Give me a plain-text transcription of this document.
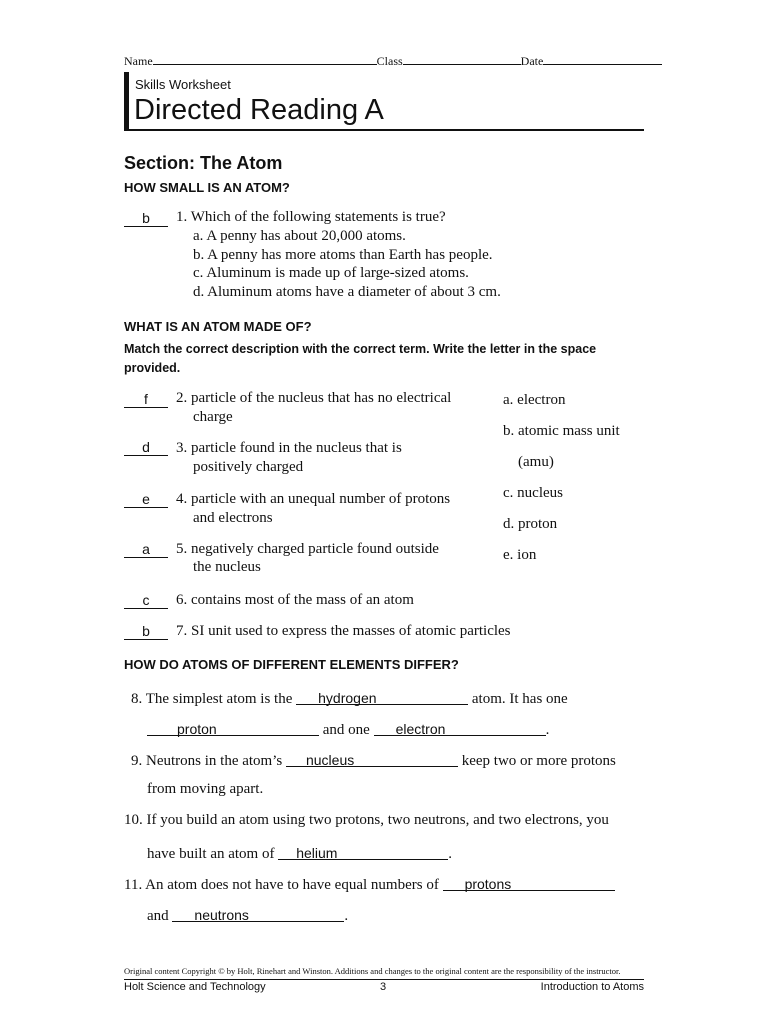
Name	Class	Date
Skills Worksheet
Directed Reading A
Section: The Atom
HOW SMALL IS AN ATOM?
b	1. Which of the following statements is true?
a. A penny has about 20,000 atoms.
b. A penny has more atoms than Earth has people.
c. Aluminum is made up of large-sized atoms.
d. Aluminum atoms have a diameter of about 3 cm.
WHAT IS AN ATOM MADE OF?
Match the correct description with the correct term. Write the letter in the space
provided.
f	2. particle of the nucleus that has no electrical
charge
d	3. particle found in the nucleus that is
positively charged
e	4. particle with an unequal number of protons
and electrons
a	5. negatively charged particle found outside
the nucleus
c	6. contains most of the mass of an atom
b	7. SI unit used to express the masses of atomic particles
a. electron
b. atomic mass unit
(amu)
c. nucleus
d. proton
e. ion
HOW DO ATOMS OF DIFFERENT ELEMENTS DIFFER?
8. The simplest atom is the hydrogen	atom. It has one
proton	and one electron	.
9. Neutrons in the atom’s nucleus	keep two or more protons
from moving apart.
10. If you build an atom using two protons, two neutrons, and two electrons, you
have built an atom of helium	.
11. An atom does not have to have equal numbers of protons
and neutrons	.
Original content Copyright © by Holt, Rinehart and Winston. Additions and changes to the original content are the responsibility of the instructor.
Holt Science and Technology	3	Introduction to Atoms
